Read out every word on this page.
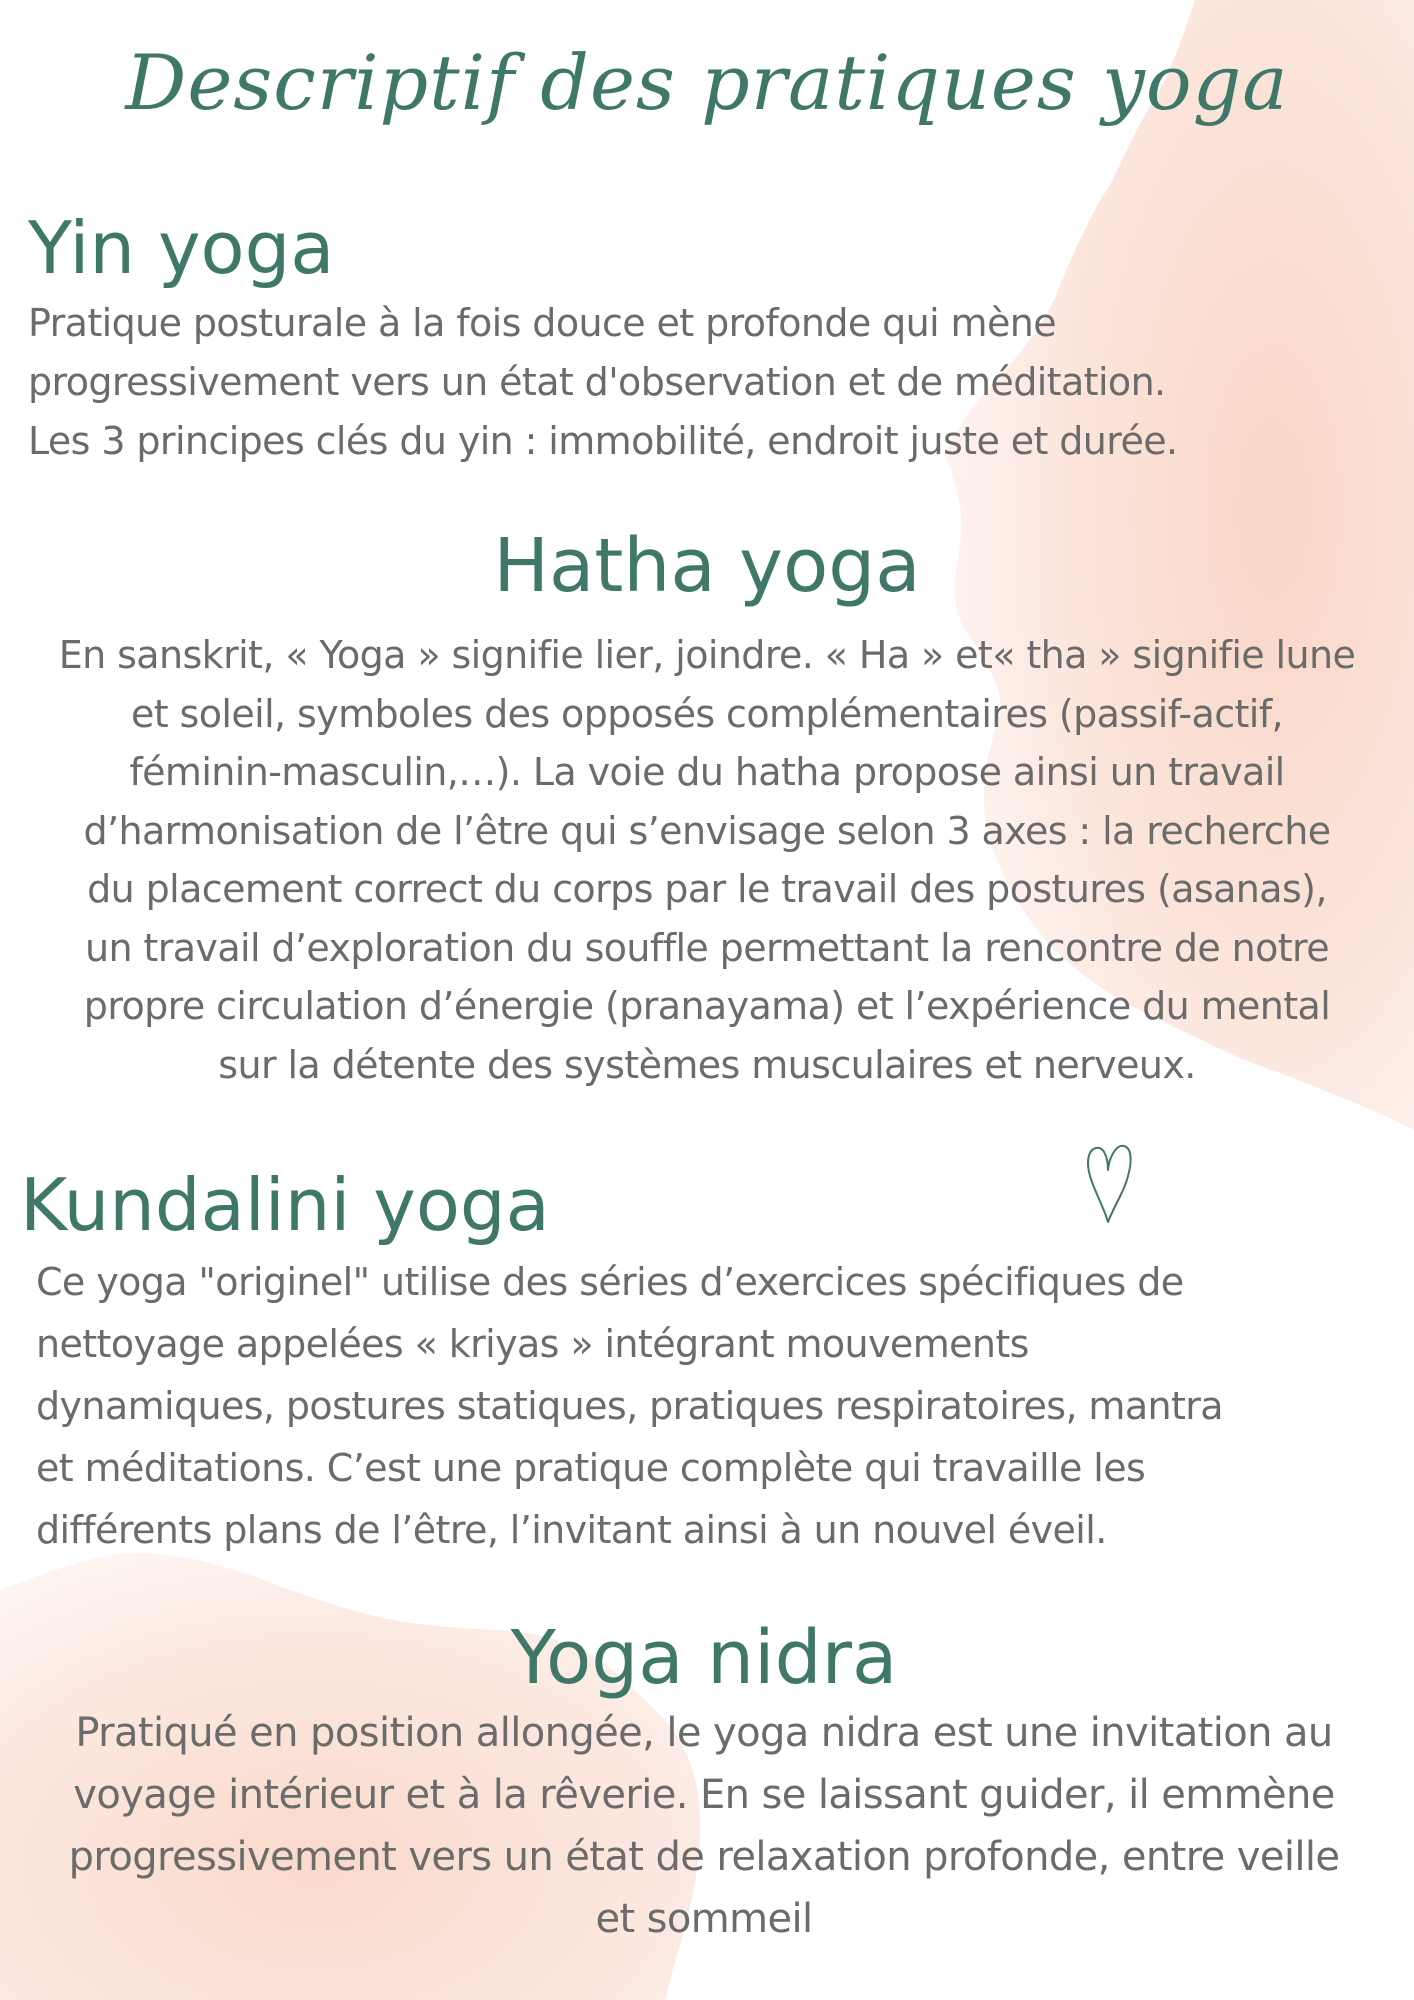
Descriptif des pratiques yoga
Yin yoga

Pratique posturale à la fois douce et profonde qui mène
progressivement vers un état d'observation et de méditation.
Les 3 principes clés du yin : immobilité, endroit juste et durée.

Hatha yoga

En sanskrit, « Yoga » signifie lier, joindre. « Ha » et« tha » signifie lune
et soleil, symboles des opposés complémentaires (passif-actif,
féminin-masculin,…). La voie du hatha propose ainsi un travail
d’harmonisation de l’être qui s’envisage selon 3 axes : la recherche
du placement correct du corps par le travail des postures (asanas),
un travail d’exploration du souffle permettant la rencontre de notre
propre circulation d’énergie (pranayama) et l’expérience du mental
sur la détente des systèmes musculaires et nerveux.

Kundalini yoga

Ce yoga "originel" utilise des séries d’exercices spécifiques de
nettoyage appelées « kriyas » intégrant mouvements
dynamiques, postures statiques, pratiques respiratoires, mantra
et méditations. C’est une pratique complète qui travaille les
différents plans de l’être, l’invitant ainsi à un nouvel éveil.

Yoga nidra

Pratiqué en position allongée, le yoga nidra est une invitation au
voyage intérieur et à la rêverie. En se laissant guider, il emmène
progressivement vers un état de relaxation profonde, entre veille
et sommeil
